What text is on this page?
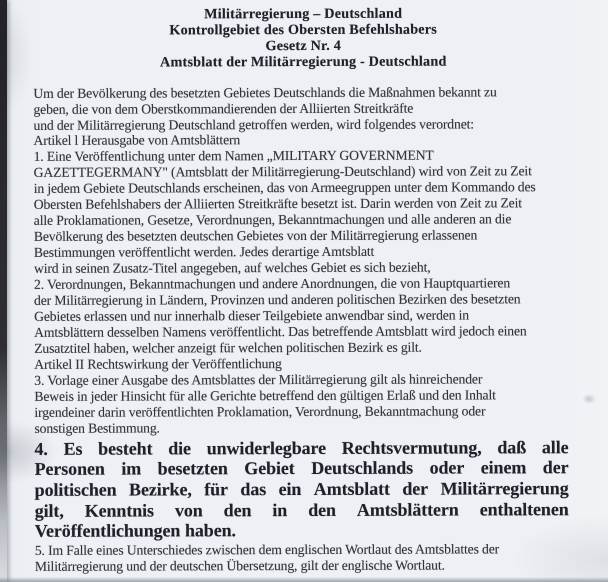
Militärregierung – Deutschland
Kontrollgebiet des Obersten Befehlshabers
Gesetz Nr. 4
Amtsblatt der Militärregierung - Deutschland
Um der Bevölkerung des besetzten Gebietes Deutschlands die Maßnahmen bekannt zu
geben, die von dem Oberstkommandierenden der Alliierten Streitkräfte
und der Militärregierung Deutschland getroffen werden, wird folgendes verordnet:
Artikel l Herausgabe von Amtsblättern
1. Eine Veröffentlichung unter dem Namen „MILITARY GOVERNMENT
GAZETTEGERMANY" (Amtsblatt der Militärregierung-Deutschland) wird von Zeit zu Zeit
in jedem Gebiete Deutschlands erscheinen, das von Armeegruppen unter dem Kommando des
Obersten Befehlshabers der Alliierten Streitkräfte besetzt ist. Darin werden von Zeit zu Zeit
alle Proklamationen, Gesetze, Verordnungen, Bekanntmachungen und alle anderen an die
Bevölkerung des besetzten deutschen Gebietes von der Militärregierung erlassenen
Bestimmungen veröffentlicht werden. Jedes derartige Amtsblatt
wird in seinen Zusatz-Titel angegeben, auf welches Gebiet es sich bezieht,
2. Verordnungen, Bekanntmachungen und andere Anordnungen, die von Hauptquartieren
der Militärregierung in Ländern, Provinzen und anderen politischen Bezirken des besetzten
Gebietes erlassen und nur innerhalb dieser Teilgebiete anwendbar sind, werden in
Amtsblättern desselben Namens veröffentlicht. Das betreffende Amtsblatt wird jedoch einen
Zusatztitel haben, welcher anzeigt für welchen politischen Bezirk es gilt.
Artikel II Rechtswirkung der Veröffentlichung
3. Vorlage einer Ausgabe des Amtsblattes der Militärregierung gilt als hinreichender
Beweis in jeder Hinsicht für alle Gerichte betreffend den gültigen Erlaß und den Inhalt
irgendeiner darin veröffentlichten Proklamation, Verordnung, Bekanntmachung oder
sonstigen Bestimmung.
4. Es besteht die unwiderlegbare Rechtsvermutung, daß alle
Personen im besetzten Gebiet Deutschlands oder einem der
politischen Bezirke, für das ein Amtsblatt der Militärregierung
gilt, Kenntnis von den in den Amtsblättern enthaltenen
Veröffentlichungen haben.
5. Im Falle eines Unterschiedes zwischen dem englischen Wortlaut des Amtsblattes der
Militärregierung und der deutschen Übersetzung, gilt der englische Wortlaut.
